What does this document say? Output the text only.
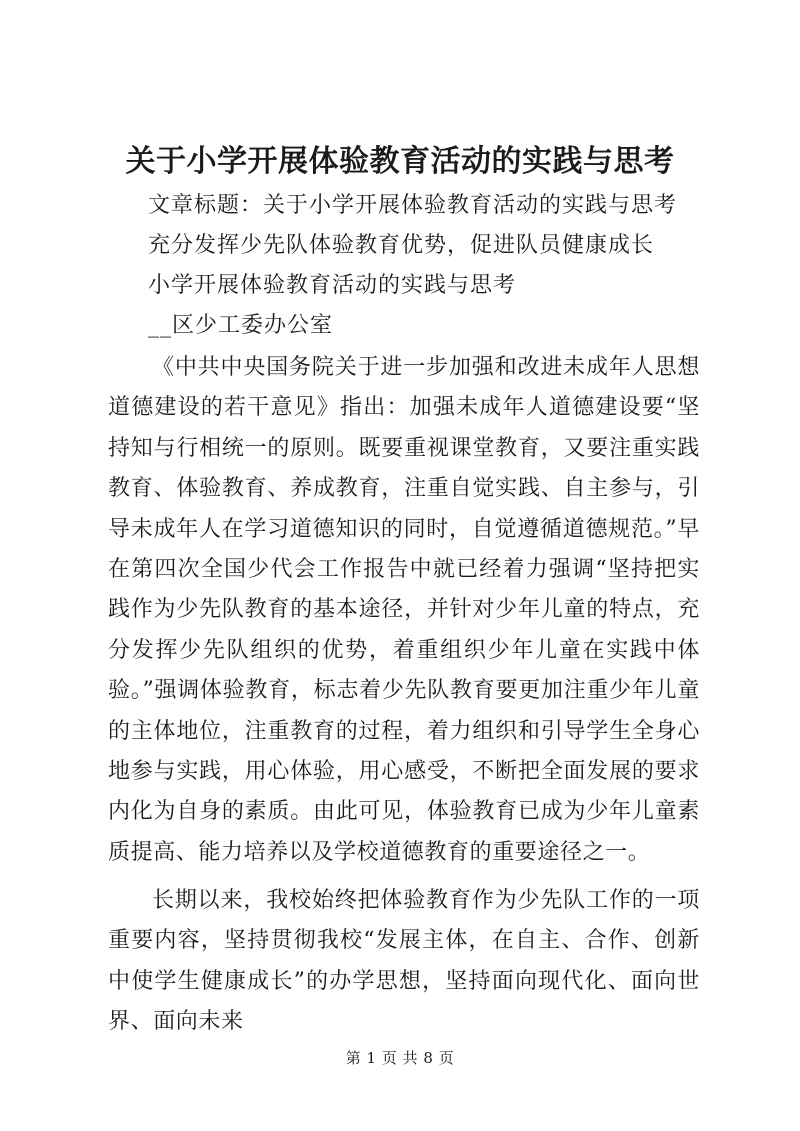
关于小学开展体验教育活动的实践与思考
文章标题：关于小学开展体验教育活动的实践与思考
充分发挥少先队体验教育优势，促进队员健康成长
小学开展体验教育活动的实践与思考
__区少工委办公室

《中共中央国务院关于进一步加强和改进未成年人思想道德建设的若干意见》指出：加强未成年人道德建设要“坚持知与行相统一的原则。既要重视课堂教育，又要注重实践教育、体验教育、养成教育，注重自觉实践、自主参与，引导未成年人在学习道德知识的同时，自觉遵循道德规范。”早在第四次全国少代会工作报告中就已经着力强调“坚持把实践作为少先队教育的基本途径，并针对少年儿童的特点，充分发挥少先队组织的优势，着重组织少年儿童在实践中体验。”强调体验教育，标志着少先队教育要更加注重少年儿童的主体地位，注重教育的过程，着力组织和引导学生全身心地参与实践，用心体验，用心感受，不断把全面发展的要求内化为自身的素质。由此可见，体验教育已成为少年儿童素质提高、能力培养以及学校道德教育的重要途径之一。

长期以来，我校始终把体验教育作为少先队工作的一项重要内容，坚持贯彻我校“发展主体，在自主、合作、创新中使学生健康成长”的办学思想，坚持面向现代化、面向世界、面向未来

第 1 页 共 8 页
